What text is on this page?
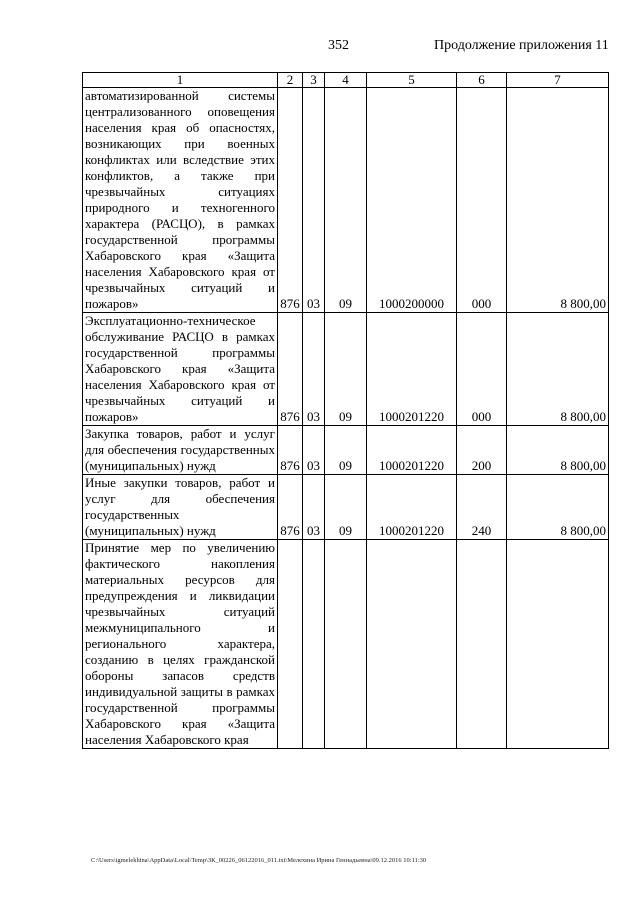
352	Продолжение приложения 11
1	2	3	4	5	6	7
автоматизированной системы централизованного оповещения населения края об опасностях, возникающих при военных конфликтах или вследствие этих конфликтов, а также при чрезвычайных ситуациях природного и техногенного характера (РАСЦО), в рамках государственной программы Хабаровского края «Защита населения Хабаровского края от чрезвычайных ситуаций и пожаров»	876	03	09	1000200000	000	8 800,00
Эксплуатационно-техническое обслуживание РАСЦО в рамках государственной программы Хабаровского края «Защита населения Хабаровского края от чрезвычайных ситуаций и пожаров»	876	03	09	1000201220	000	8 800,00
Закупка товаров, работ и услуг для обеспечения государственных (муниципальных) нужд	876	03	09	1000201220	200	8 800,00
Иные закупки товаров, работ и услуг для обеспечения государственных (муниципальных) нужд	876	03	09	1000201220	240	8 800,00
Принятие мер по увеличению фактического накопления материальных ресурсов для предупреждения и ликвидации чрезвычайных ситуаций межмуниципального и регионального характера, созданию в целях гражданской обороны запасов средств индивидуальной защиты в рамках государственной программы Хабаровского края «Защита населения Хабаровского края						
C:\Users\igmelekhina\AppData\Local\Temp\ЗК_00226_06122016_011.txt\Мелехина Ирина Геннадьевна\09.12.2016 10:11:30
